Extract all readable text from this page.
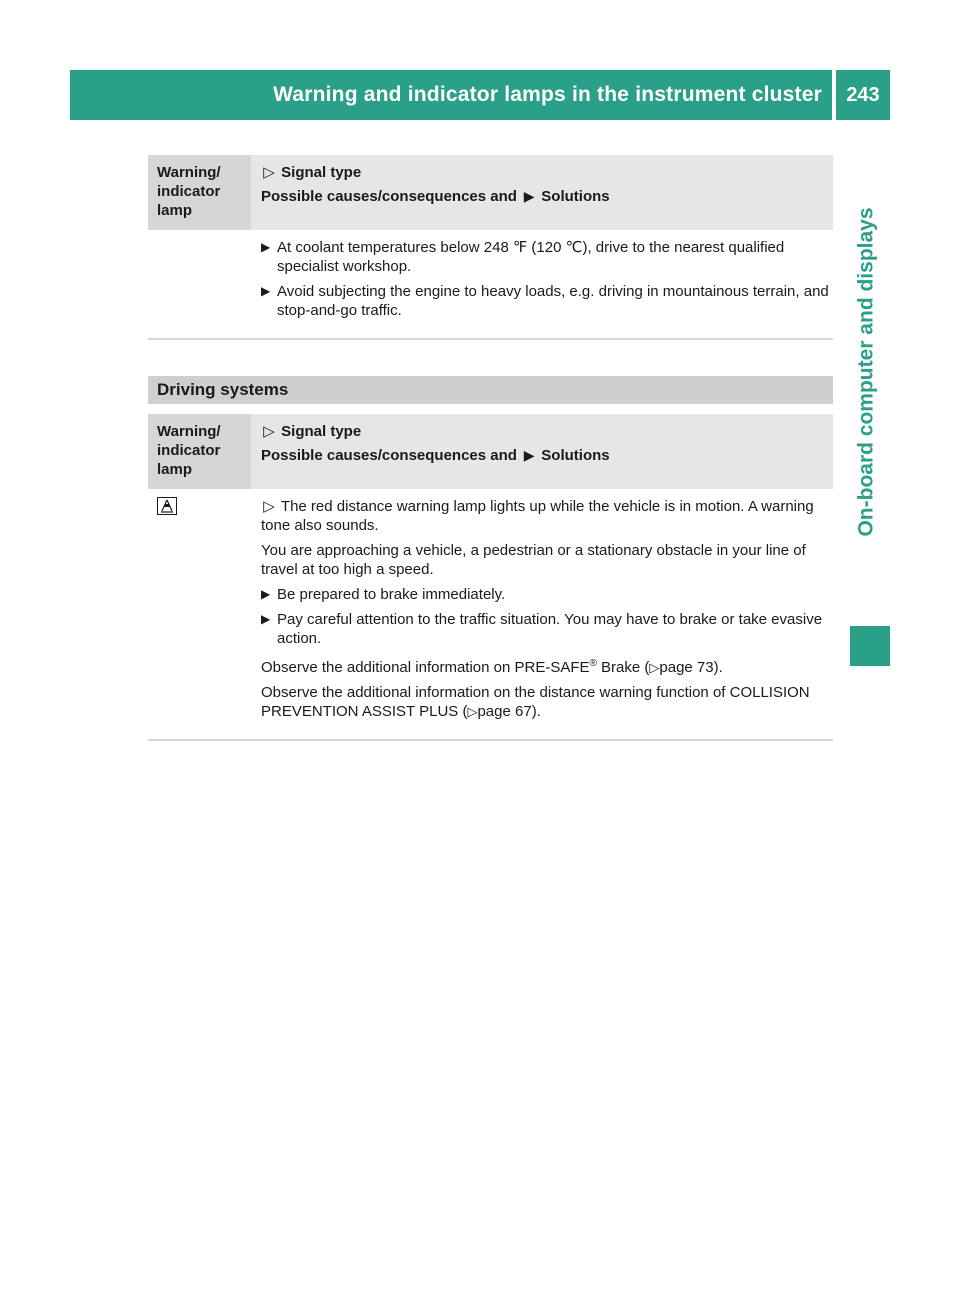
Warning and indicator lamps in the instrument cluster 243
On-board computer and displays
Warning/
indicator
lamp

▷ Signal type

Possible causes/consequences and ▶ Solutions

▶ At coolant temperatures below 248 ℉ (120 ℃), drive to the nearest qualified specialist workshop.
▶ Avoid subjecting the engine to heavy loads, e.g. driving in mountainous terrain, and stop-and-go traffic.
Driving systems
Warning/
indicator
lamp

▷ Signal type

Possible causes/consequences and ▶ Solutions

▷ The red distance warning lamp lights up while the vehicle is in motion. A warning tone also sounds.

You are approaching a vehicle, a pedestrian or a stationary obstacle in your line of travel at too high a speed.

▶ Be prepared to brake immediately.
▶ Pay careful attention to the traffic situation. You may have to brake or take evasive action.

Observe the additional information on PRE-SAFE® Brake (▷page 73).

Observe the additional information on the distance warning function of COLLISION PREVENTION ASSIST PLUS (▷page 67).
